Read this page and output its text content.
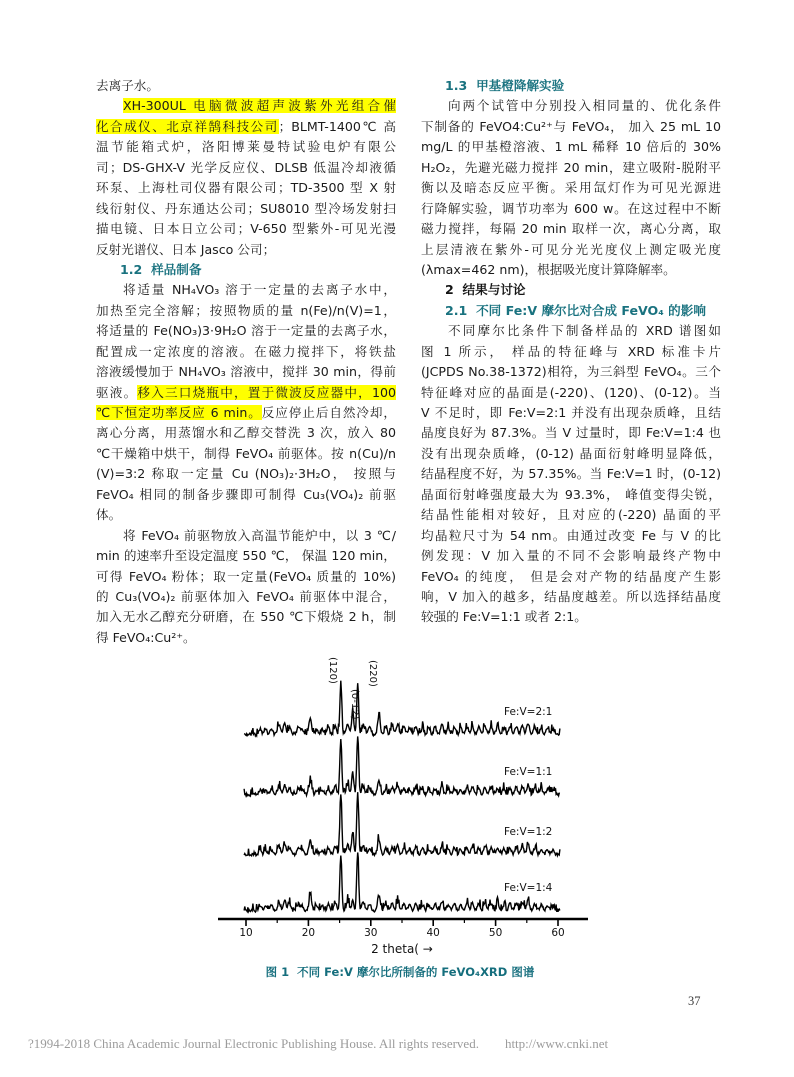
去离子水。
XH-300UL 电脑微波超声波紫外光组合催
化合成仪、北京祥鹄科技公司；BLMT-1400℃ 高
温节能箱式炉，洛阳博莱曼特试验电炉有限公
司；DS-GHX-V 光学反应仪、DLSB 低温冷却液循
环泵、上海杜司仪器有限公司；TD-3500 型 X 射
线衍射仪、丹东通达公司；SU8010 型冷场发射扫
描电镜、日本日立公司；V-650 型紫外-可见光漫
反射光谱仪、日本 Jasco 公司；
1.2  样品制备
将适量 NH₄VO₃ 溶于一定量的去离子水中，
加热至完全溶解；按照物质的量 n(Fe)/n(V)=1，
将适量的 Fe(NO₃)3·9H₂O 溶于一定量的去离子水，
配置成一定浓度的溶液。在磁力搅拌下，将铁盐
溶液缓慢加于 NH₄VO₃ 溶液中，搅拌 30 min，得前
驱液。移入三口烧瓶中，置于微波反应器中，100
℃下恒定功率反应 6 min。反应停止后自然冷却，
离心分离，用蒸馏水和乙醇交替洗 3 次，放入 80
℃干燥箱中烘干，制得 FeVO₄ 前驱体。按 n(Cu)/n
(V)=3:2 称取一定量 Cu (NO₃)₂·3H₂O， 按照与
FeVO₄ 相同的制备步骤即可制得 Cu₃(VO₄)₂ 前驱
体。
将 FeVO₄ 前驱物放入高温节能炉中，以 3 ℃/
min 的速率升至设定温度 550 ℃， 保温 120 min，
可得 FeVO₄ 粉体；取一定量(FeVO₄ 质量的 10%)
的 Cu₃(VO₄)₂ 前驱体加入 FeVO₄ 前驱体中混合，
加入无水乙醇充分研磨，在 550 ℃下煅烧 2 h，制
得 FeVO₄:Cu²⁺。
1.3  甲基橙降解实验
向两个试管中分别投入相同量的、优化条件
下制备的 FeVO4:Cu²⁺与 FeVO₄， 加入 25 mL 10
mg/L 的甲基橙溶液、1 mL 稀释 10 倍后的 30%
H₂O₂，先避光磁力搅拌 20 min，建立吸附-脱附平
衡以及暗态反应平衡。采用氙灯作为可见光源进
行降解实验，调节功率为 600 w。在这过程中不断
磁力搅拌，每隔 20 min 取样一次，离心分离，取
上层清液在紫外-可见分光光度仪上测定吸光度
(λmax=462 nm)，根据吸光度计算降解率。
2  结果与讨论
2.1  不同 Fe:V 摩尔比对合成 FeVO₄ 的影响
不同摩尔比条件下制备样品的 XRD 谱图如
图 1 所示， 样品的特征峰与 XRD 标准卡片
(JCPDS No.38-1372)相符，为三斜型 FeVO₄。三个
特征峰对应的晶面是(-220)、(120)、(0-12)。当
V 不足时，即 Fe:V=2:1 并没有出现杂质峰，且结
晶度良好为 87.3%。当 V 过量时，即 Fe:V=1:4 也
没有出现杂质峰，(0-12) 晶面衍射峰明显降低，
结晶程度不好，为 57.35%。当 Fe:V=1 时，(0-12)
晶面衍射峰强度最大为 93.3%， 峰值变得尖锐，
结晶性能相对较好，且对应的(-220) 晶面的平
均晶粒尺寸为 54 nm。由通过改变 Fe 与 V 的比
例发现：V 加入量的不同不会影响最终产物中
FeVO₄ 的纯度， 但是会对产物的结晶度产生影
响，V 加入的越多，结晶度越差。所以选择结晶度
较强的 Fe:V=1:1 或者 2:1。
10	20	30	40	50	60
2 theta( →
Fe:V=2:1
Fe:V=1:1
Fe:V=1:2
Fe:V=1:4
(120)
(0-12)
(220)
图 1  不同 Fe:V 摩尔比所制备的 FeVO₄XRD 图谱
37
?1994-2018 China Academic Journal Electronic Publishing House. All rights reserved. http://www.cnki.net
